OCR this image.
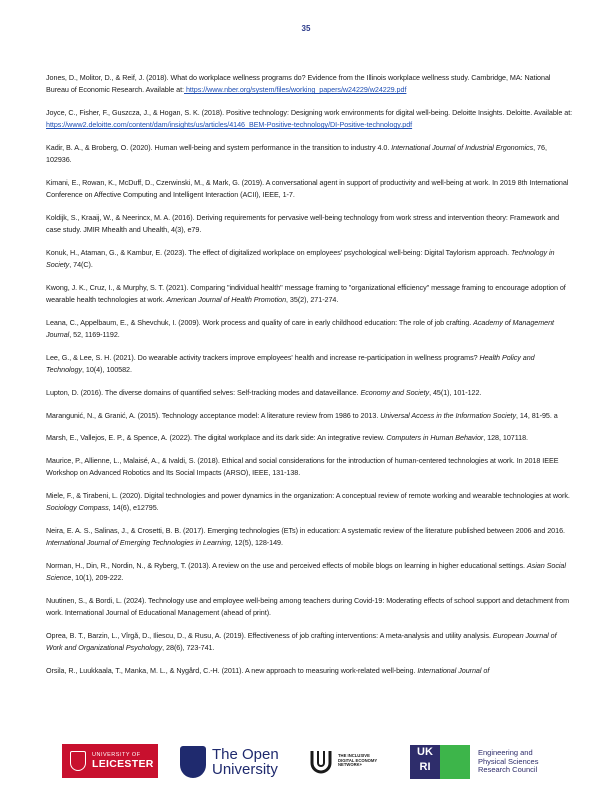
35

Jones, D., Molitor, D., & Reif, J. (2018). What do workplace wellness programs do? Evidence from the Illinois workplace wellness study. Cambridge, MA: National Bureau of Economic Research. Available at: https://www.nber.org/system/files/working_papers/w24229/w24229.pdf

Joyce, C., Fisher, F., Guszcza, J., & Hogan, S. K. (2018). Positive technology: Designing work environments for digital well-being. Deloitte Insights. Deloitte. Available at: https://www2.deloitte.com/content/dam/insights/us/articles/4146_BEM-Positive-technology/DI-Positive-technology.pdf

Kadir, B. A., & Broberg, O. (2020). Human well-being and system performance in the transition to industry 4.0. International Journal of Industrial Ergonomics, 76, 102936.

Kimani, E., Rowan, K., McDuff, D., Czerwinski, M., & Mark, G. (2019). A conversational agent in support of productivity and well-being at work. In 2019 8th International Conference on Affective Computing and Intelligent Interaction (ACII), IEEE, 1-7.

Koldijk, S., Kraaij, W., & Neerincx, M. A. (2016). Deriving requirements for pervasive well-being technology from work stress and intervention theory: Framework and case study. JMIR Mhealth and Uhealth, 4(3), e79.

Konuk, H., Ataman, G., & Kambur, E. (2023). The effect of digitalized workplace on employees' psychological well-being: Digital Taylorism approach. Technology in Society, 74(C).

Kwong, J. K., Cruz, I., & Murphy, S. T. (2021). Comparing "individual health" message framing to "organizational efficiency" message framing to encourage adoption of wearable health technologies at work. American Journal of Health Promotion, 35(2), 271-274.

Leana, C., Appelbaum, E., & Shevchuk, I. (2009). Work process and quality of care in early childhood education: The role of job crafting. Academy of Management Journal, 52, 1169-1192.

Lee, G., & Lee, S. H. (2021). Do wearable activity trackers improve employees' health and increase re-participation in wellness programs? Health Policy and Technology, 10(4), 100582.

Lupton, D. (2016). The diverse domains of quantified selves: Self-tracking modes and dataveillance. Economy and Society, 45(1), 101-122.

Marangunić, N., & Granić, A. (2015). Technology acceptance model: A literature review from 1986 to 2013. Universal Access in the Information Society, 14, 81-95. a

Marsh, E., Vallejos, E. P., & Spence, A. (2022). The digital workplace and its dark side: An integrative review. Computers in Human Behavior, 128, 107118.

Maurice, P., Allienne, L., Malaisé, A., & Ivaldi, S. (2018). Ethical and social considerations for the introduction of human-centered technologies at work. In 2018 IEEE Workshop on Advanced Robotics and Its Social Impacts (ARSO), IEEE, 131-138.

Miele, F., & Tirabeni, L. (2020). Digital technologies and power dynamics in the organization: A conceptual review of remote working and wearable technologies at work. Sociology Compass, 14(6), e12795.

Neira, E. A. S., Salinas, J., & Crosetti, B. B. (2017). Emerging technologies (ETs) in education: A systematic review of the literature published between 2006 and 2016. International Journal of Emerging Technologies in Learning, 12(5), 128-149.

Norman, H., Din, R., Nordin, N., & Ryberg, T. (2013). A review on the use and perceived effects of mobile blogs on learning in higher educational settings. Asian Social Science, 10(1), 209-222.

Nuutinen, S., & Bordi, L. (2024). Technology use and employee well-being among teachers during Covid-19: Moderating effects of school support and detachment from work. International Journal of Educational Management (ahead of print).

Oprea, B. T., Barzin, L., Vîrgă, D., Iliescu, D., & Rusu, A. (2019). Effectiveness of job crafting interventions: A meta-analysis and utility analysis. European Journal of Work and Organizational Psychology, 28(6), 723-741.

Orsila, R., Luukkaala, T., Manka, M. L., & Nygård, C.-H. (2011). A new approach to measuring work-related well-being. International Journal of

UNIVERSITY OF
LEICESTER
The Open
University
THE INCLUSIVE
DIGITAL ECONOMY
NETWORK+
UK
RI
Engineering and
Physical Sciences
Research Council
